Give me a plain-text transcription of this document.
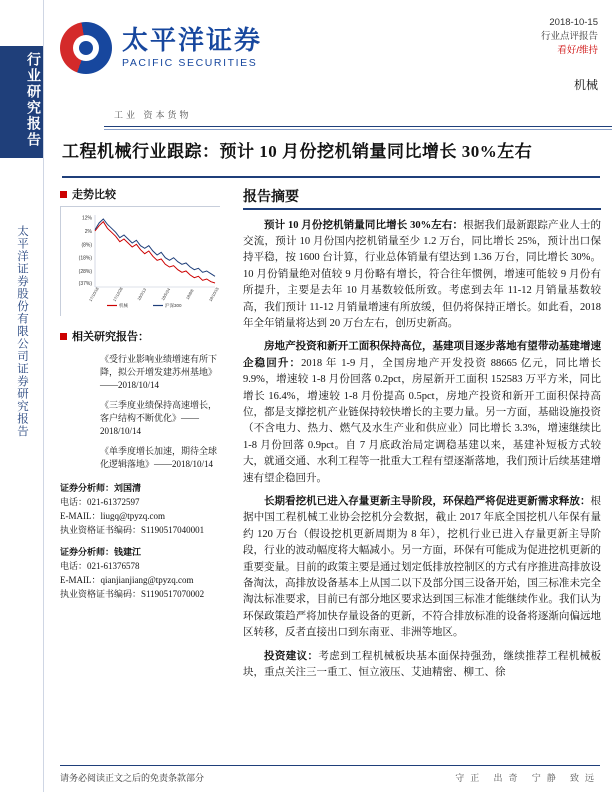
行业研究报告
太平洋证券股份有限公司证券研究报告
太平洋证券
PACIFIC SECURITIES
2018-10-15
行业点评报告
看好/维持
机械
工业 资本货物
工程机械行业跟踪：预计 10 月份挖机销量同比增长 30%左右
走势比较
12%
2%
(8%)
(18%)
(28%)
(37%)
17/10/16	17/12/26	18/3/13	18/5/24	18/8/6	18/10/15
机械	沪深300
相关研究报告：
《受行业影响业绩增速有所下降，拟公开增发建苏州基地》——2018/10/14
《三季度业绩保持高速增长，客户结构不断优化》——2018/10/14
《单季度增长加速，期待全球化逻辑落地》——2018/10/14
证券分析师：刘国清
电话：021-61372597
E-MAIL：liugq@tpyzq.com
执业资格证书编码：S1190517040001
证券分析师：钱建江
电话：021-61376578
E-MAIL：qianjianjiang@tpyzq.com
执业资格证书编码：S1190517070002
报告摘要
预计 10 月份挖机销量同比增长 30%左右：根据我们最新跟踪产业人士的交流，预计 10 月份国内挖机销量至少 1.2 万台，同比增长 25%，预计出口保持平稳，按 1600 台计算，行业总体销量有望达到 1.36 万台，同比增长 30%。10 月份销量绝对值较 9 月份略有增长，符合往年惯例，增速可能较 9 月份有所提升，主要是去年 10 月基数较低所致。考虑到去年 11-12 月销量基数较高，我们预计 11-12 月销量增速有所放缓，但仍将保持正增长。如此看，2018 年全年销量将达到 20 万台左右，创历史新高。
房地产投资和新开工面积保持高位，基建项目逐步落地有望带动基建增速企稳回升：2018 年 1-9 月，全国房地产开发投资 88665 亿元，同比增长 9.9%，增速较 1-8 月份回落 0.2pct，房屋新开工面积 152583 万平方米，同比增长 16.4%，增速较 1-8 月份提高 0.5pct，房地产投资和新开工面积保持高位，都是支撑挖机产业链保持较快增长的主要力量。另一方面，基础设施投资（不含电力、热力、燃气及水生产业和供应业）同比增长 3.3%，增速继续比 1-8 月份回落 0.9pct。自 7 月底政治局定调稳基建以来，基建补短板方式较大，就通交通、水利工程等一批重大工程有望逐渐落地，我们预计后续基建增速有望企稳回升。
长期看挖机已进入存量更新主导阶段，环保趋严将促进更新需求释放：根据中国工程机械工业协会挖机分会数据，截止 2017 年底全国挖机八年保有量约 120 万台（假设挖机更新周期为 8 年），挖机行业已进入存量更新主导阶段，行业的波动幅度将大幅减小。另一方面，环保有可能成为促进挖机更新的重要变量。目前的政策主要是通过划定低排放控制区的方式有序推进高排放设备淘汰，高排放设备基本上从国二以下及部分国三设备开始，国三标准未完全淘汰标准要求，目前已有部分地区要求达到国三标准才能继续作业。我们认为环保政策趋严将加快存量设备的更新，不符合排放标准的设备将逐渐向偏远地区转移，反者直接出口到东南亚、非洲等地区。
投资建议：考虑到工程机械板块基本面保持强劲，继续推荐工程机械板块，重点关注三一重工、恒立液压、艾迪精密、柳工、徐
请务必阅读正文之后的免责条款部分	守正 出奇 宁静 致远
